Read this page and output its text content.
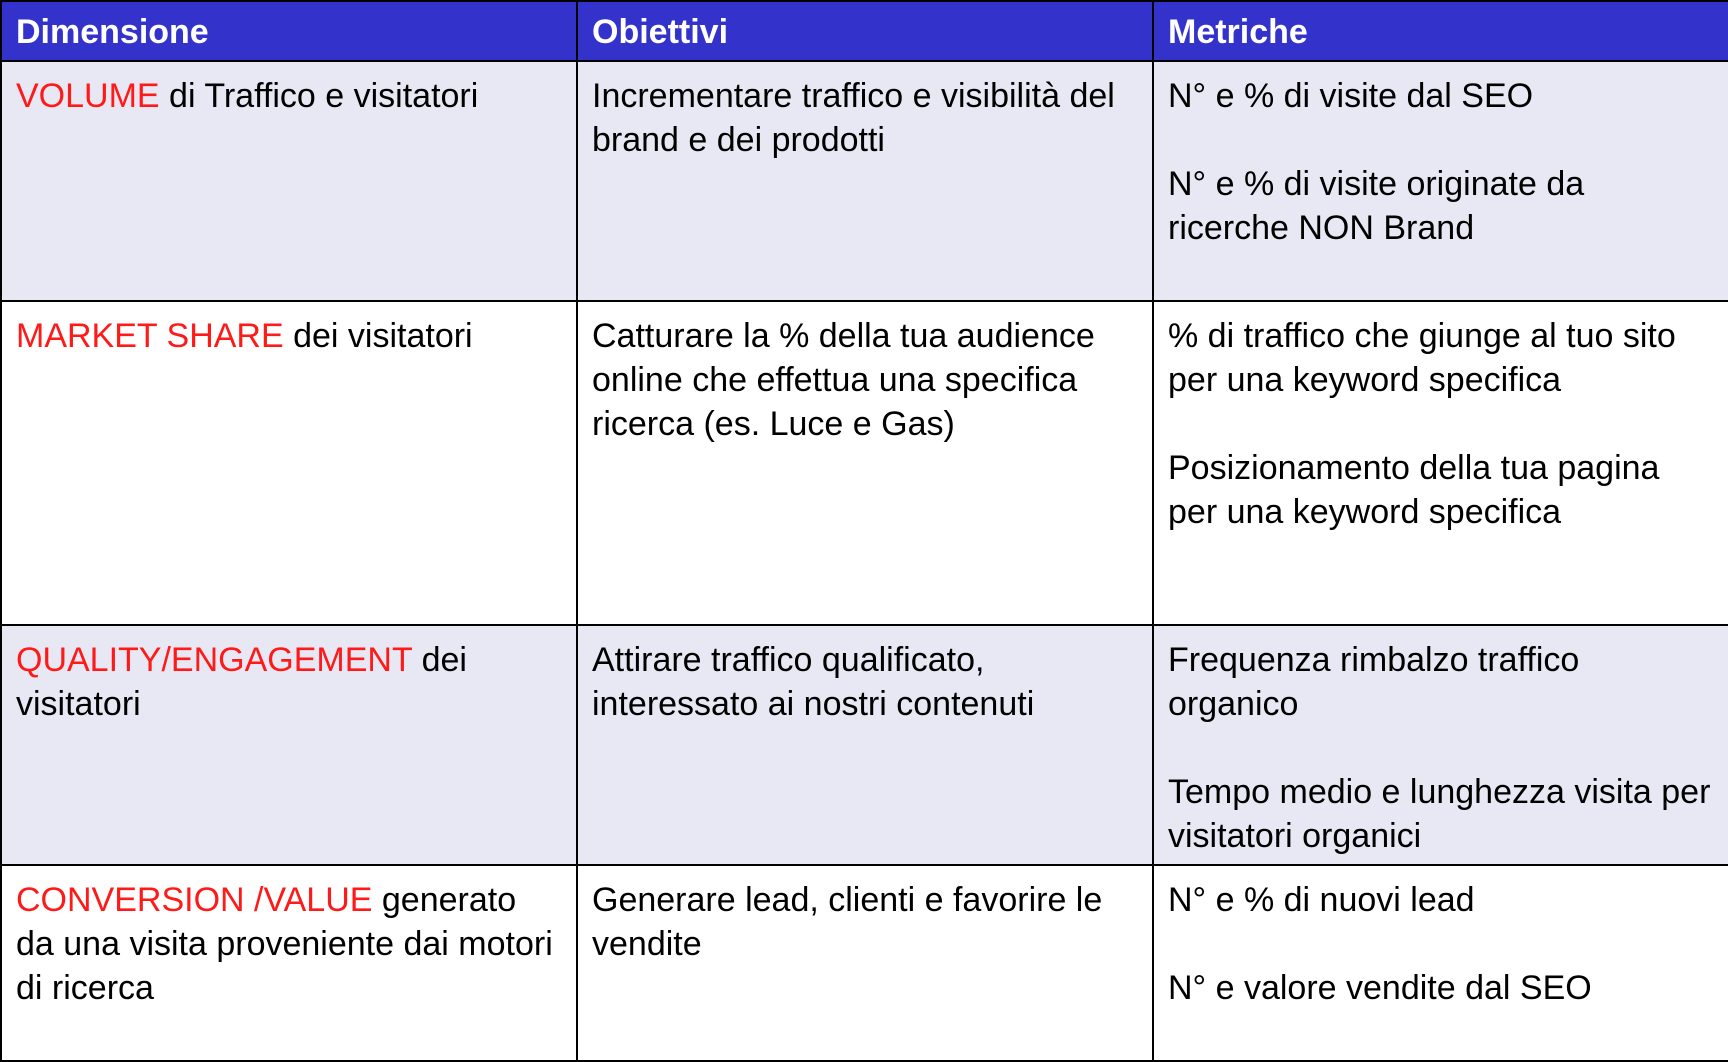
Dimensione	Obiettivi	Metriche
VOLUME di Traffico e visitatori	Incrementare traffico e visibilità del brand e dei prodotti	N° e % di visite dal SEO
N° e % di visite originate da ricerche NON Brand

MARKET SHARE dei visitatori	Catturare la % della tua audience online che effettua una specifica ricerca (es. Luce e Gas)	% di traffico che giunge al tuo sito per una keyword specifica
Posizionamento della tua pagina per una keyword specifica

QUALITY/ENGAGEMENT dei visitatori	Attirare traffico qualificato, interessato ai nostri contenuti	Frequenza rimbalzo traffico organico
Tempo medio e lunghezza visita per visitatori organici

CONVERSION /VALUE generato da una visita proveniente dai motori di ricerca	Generare lead, clienti e favorire le vendite	N° e % di nuovi lead
N° e valore vendite dal SEO
